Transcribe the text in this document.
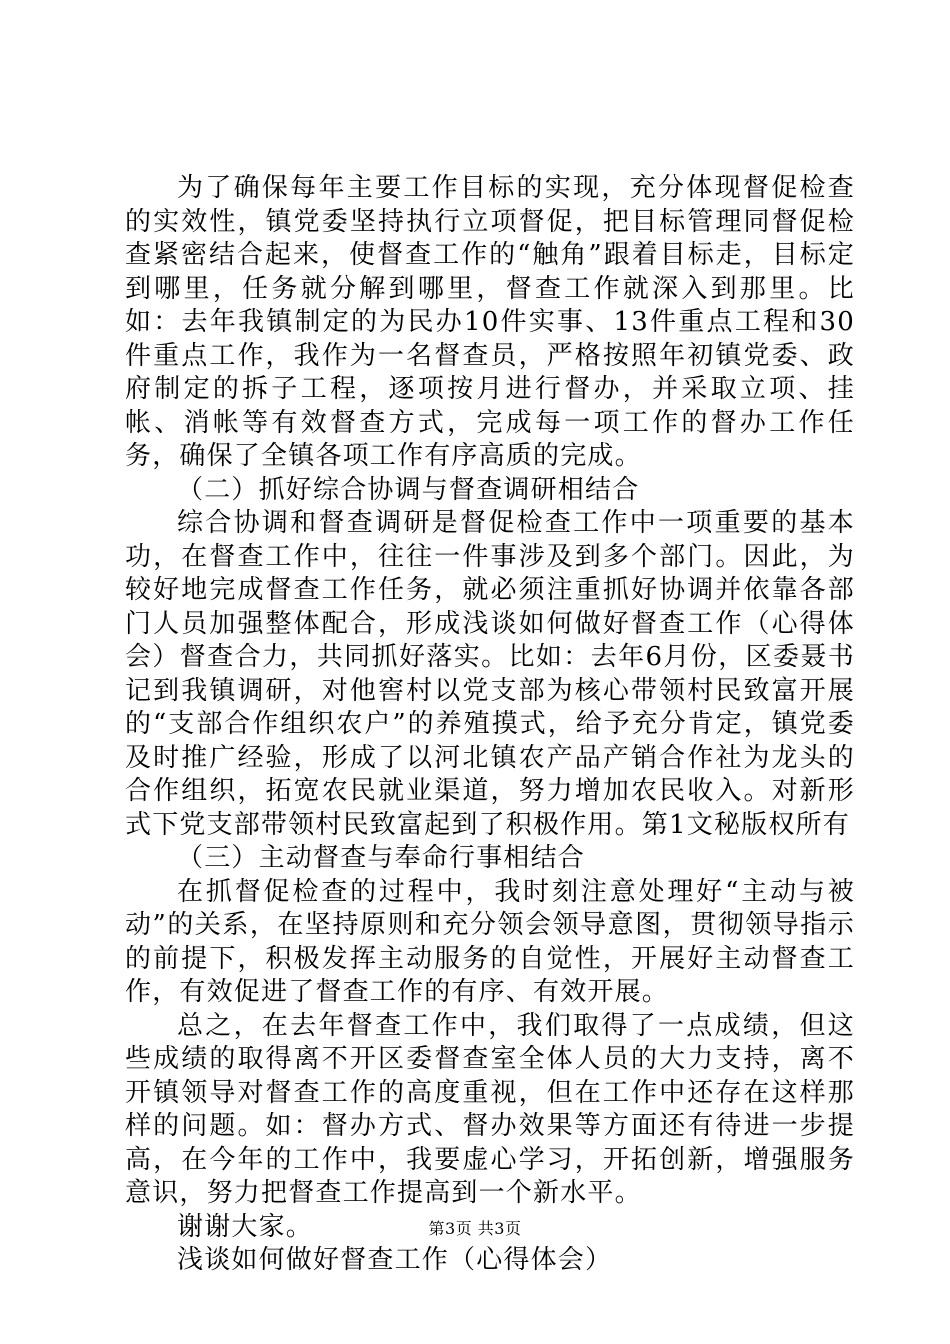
为了确保每年主要工作目标的实现，充分体现督促检查的实效性，镇党委坚持执行立项督促，把目标管理同督促检查紧密结合起来，使督查工作的“触角”跟着目标走，目标定到哪里，任务就分解到哪里，督查工作就深入到那里。比如：去年我镇制定的为民办10件实事、13件重点工程和30件重点工作，我作为一名督查员，严格按照年初镇党委、政府制定的拆子工程，逐项按月进行督办，并采取立项、挂帐、消帐等有效督查方式，完成每一项工作的督办工作任务，确保了全镇各项工作有序高质的完成。

（二）抓好综合协调与督查调研相结合

综合协调和督查调研是督促检查工作中一项重要的基本功，在督查工作中，往往一件事涉及到多个部门。因此，为较好地完成督查工作任务，就必须注重抓好协调并依靠各部门人员加强整体配合，形成浅谈如何做好督查工作（心得体会）督查合力，共同抓好落实。比如：去年6月份，区委聂书记到我镇调研，对他窖村以党支部为核心带领村民致富开展的“支部合作组织农户”的养殖摸式，给予充分肯定，镇党委及时推广经验，形成了以河北镇农产品产销合作社为龙头的合作组织，拓宽农民就业渠道，努力增加农民收入。对新形式下党支部带领村民致富起到了积极作用。第1文秘版权所有

（三）主动督查与奉命行事相结合

在抓督促检查的过程中，我时刻注意处理好“主动与被动”的关系，在坚持原则和充分领会领导意图，贯彻领导指示的前提下，积极发挥主动服务的自觉性，开展好主动督查工作，有效促进了督查工作的有序、有效开展。

总之，在去年督查工作中，我们取得了一点成绩，但这些成绩的取得离不开区委督查室全体人员的大力支持，离不开镇领导对督查工作的高度重视，但在工作中还存在这样那样的问题。如：督办方式、督办效果等方面还有待进一步提高，在今年的工作中，我要虚心学习，开拓创新，增强服务意识，努力把督查工作提高到一个新水平。

谢谢大家。

浅谈如何做好督查工作（心得体会）

第3页 共3页
